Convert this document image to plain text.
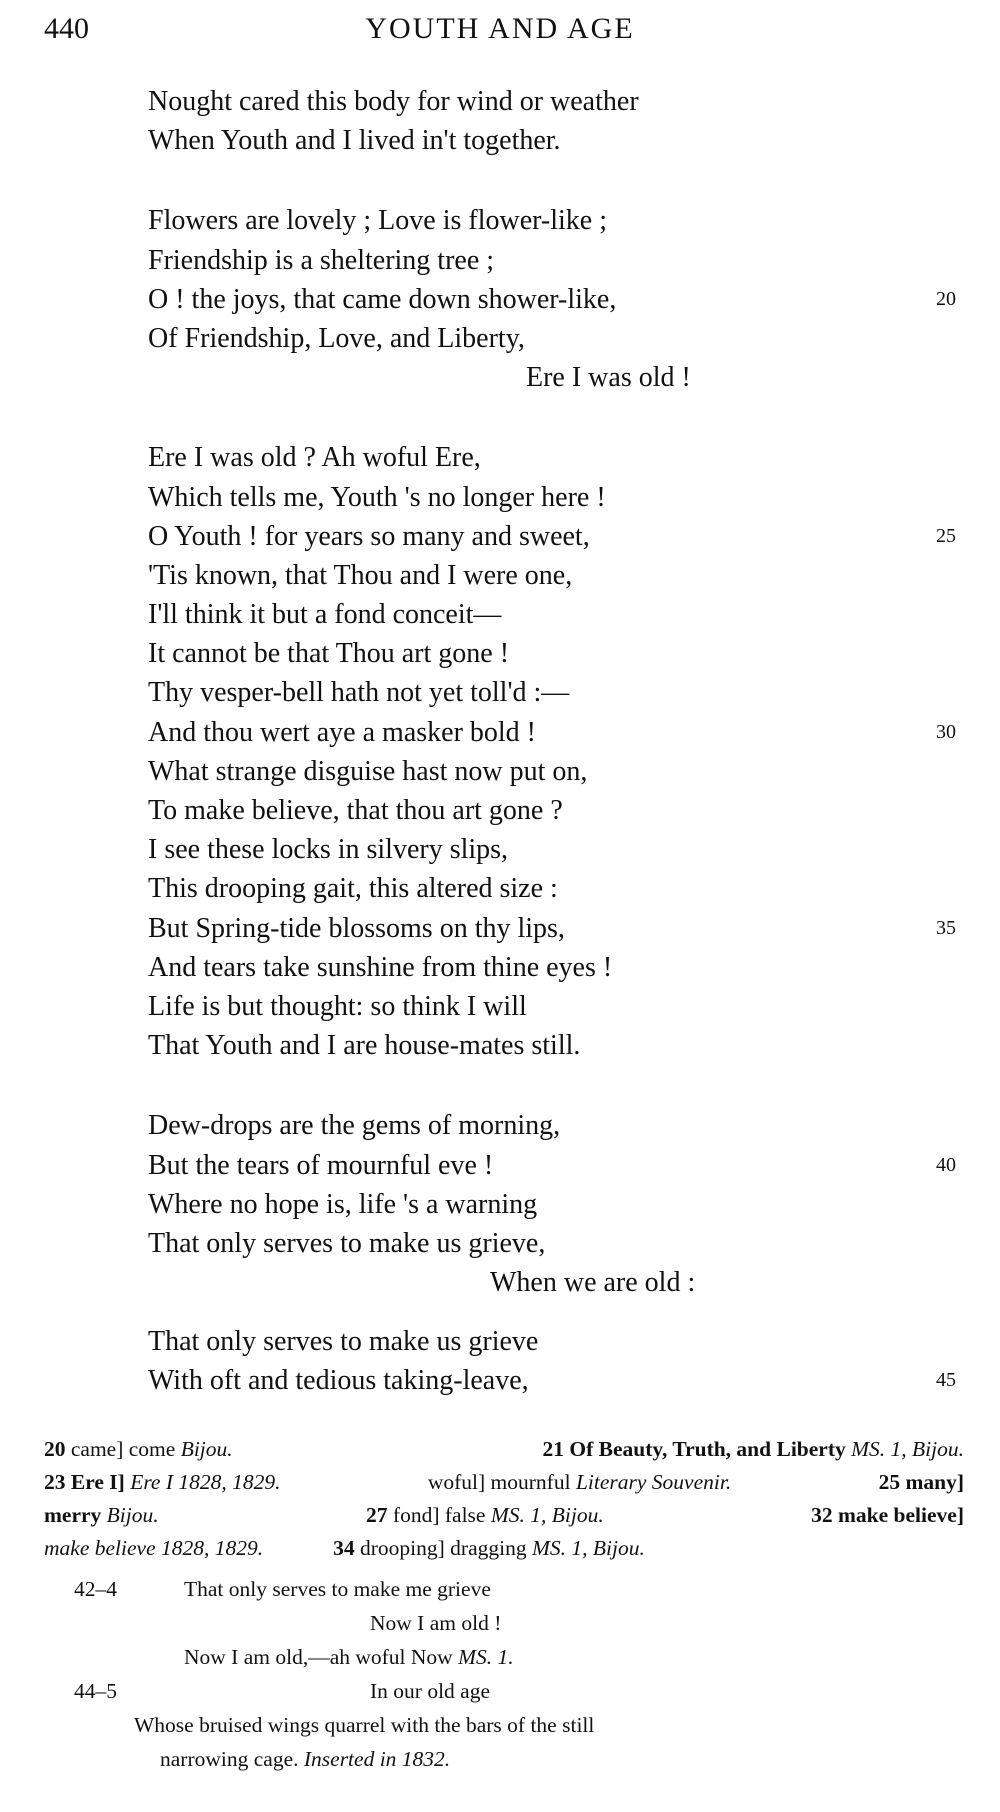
440	YOUTH AND AGE
Nought cared this body for wind or weather
When Youth and I lived in't together.
Flowers are lovely ; Love is flower-like ;
Friendship is a sheltering tree ;
O ! the joys, that came down shower-like,	20
Of Friendship, Love, and Liberty,
Ere I was old !
Ere I was old ? Ah woful Ere,
Which tells me, Youth 's no longer here !
O Youth ! for years so many and sweet,	25
'Tis known, that Thou and I were one,
I'll think it but a fond conceit—
It cannot be that Thou art gone !
Thy vesper-bell hath not yet toll'd :—
And thou wert aye a masker bold !	30
What strange disguise hast now put on,
To make believe, that thou art gone ?
I see these locks in silvery slips,
This drooping gait, this altered size :
But Spring-tide blossoms on thy lips,	35
And tears take sunshine from thine eyes !
Life is but thought: so think I will
That Youth and I are house-mates still.
Dew-drops are the gems of morning,
But the tears of mournful eve !	40
Where no hope is, life 's a warning
That only serves to make us grieve,
When we are old :
That only serves to make us grieve
With oft and tedious taking-leave,	45
20 came] come Bijou.	21 Of Beauty, Truth, and Liberty MS. 1, Bijou.
23 Ere I] Ere I 1828, 1829.	woful] mournful Literary Souvenir.	25 many]
merry Bijou.	27 fond] false MS. 1, Bijou.	32 make believe]
make believe 1828, 1829.	34 drooping] dragging MS. 1, Bijou.
42–4	That only serves to make me grieve
Now I am old !
Now I am old,—ah woful Now MS. 1.
44–5	In our old age
Whose bruised wings quarrel with the bars of the still
narrowing cage. Inserted in 1832.
